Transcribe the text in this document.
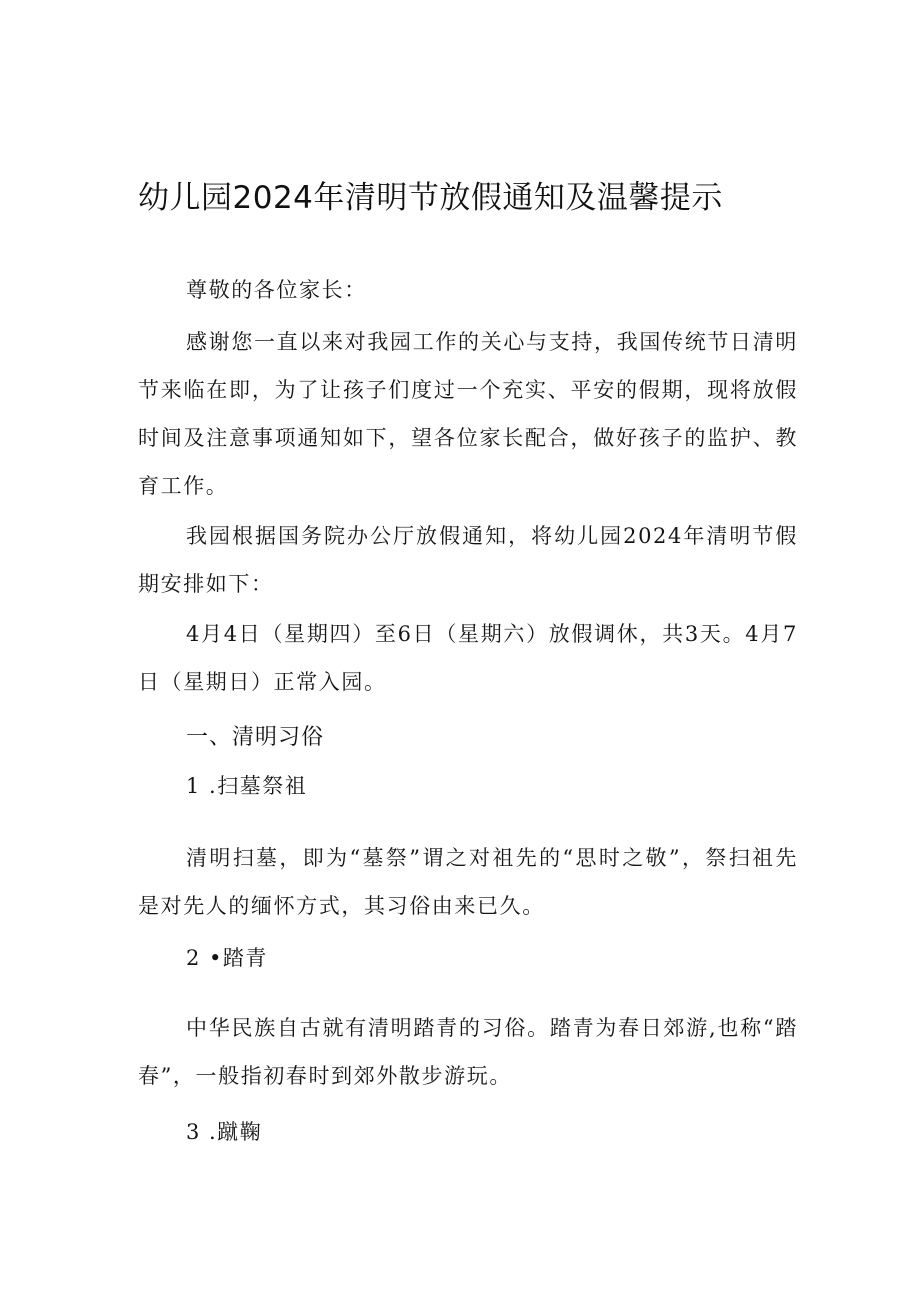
幼儿园2024年清明节放假通知及温馨提示
尊敬的各位家长：
感谢您一直以来对我园工作的关心与支持，我国传统节日清明节来临在即，为了让孩子们度过一个充实、平安的假期，现将放假时间及注意事项通知如下，望各位家长配合，做好孩子的监护、教育工作。
我园根据国务院办公厅放假通知，将幼儿园2024年清明节假期安排如下：
4月4日（星期四）至6日（星期六）放假调休，共3天。4月7日（星期日）正常入园。
一、清明习俗
1 .扫墓祭祖
清明扫墓，即为“墓祭”谓之对祖先的“思时之敬”，祭扫祖先是对先人的缅怀方式，其习俗由来已久。
2 •踏青
中华民族自古就有清明踏青的习俗。踏青为春日郊游,也称“踏春”，一般指初春时到郊外散步游玩。
3 .蹴鞠
